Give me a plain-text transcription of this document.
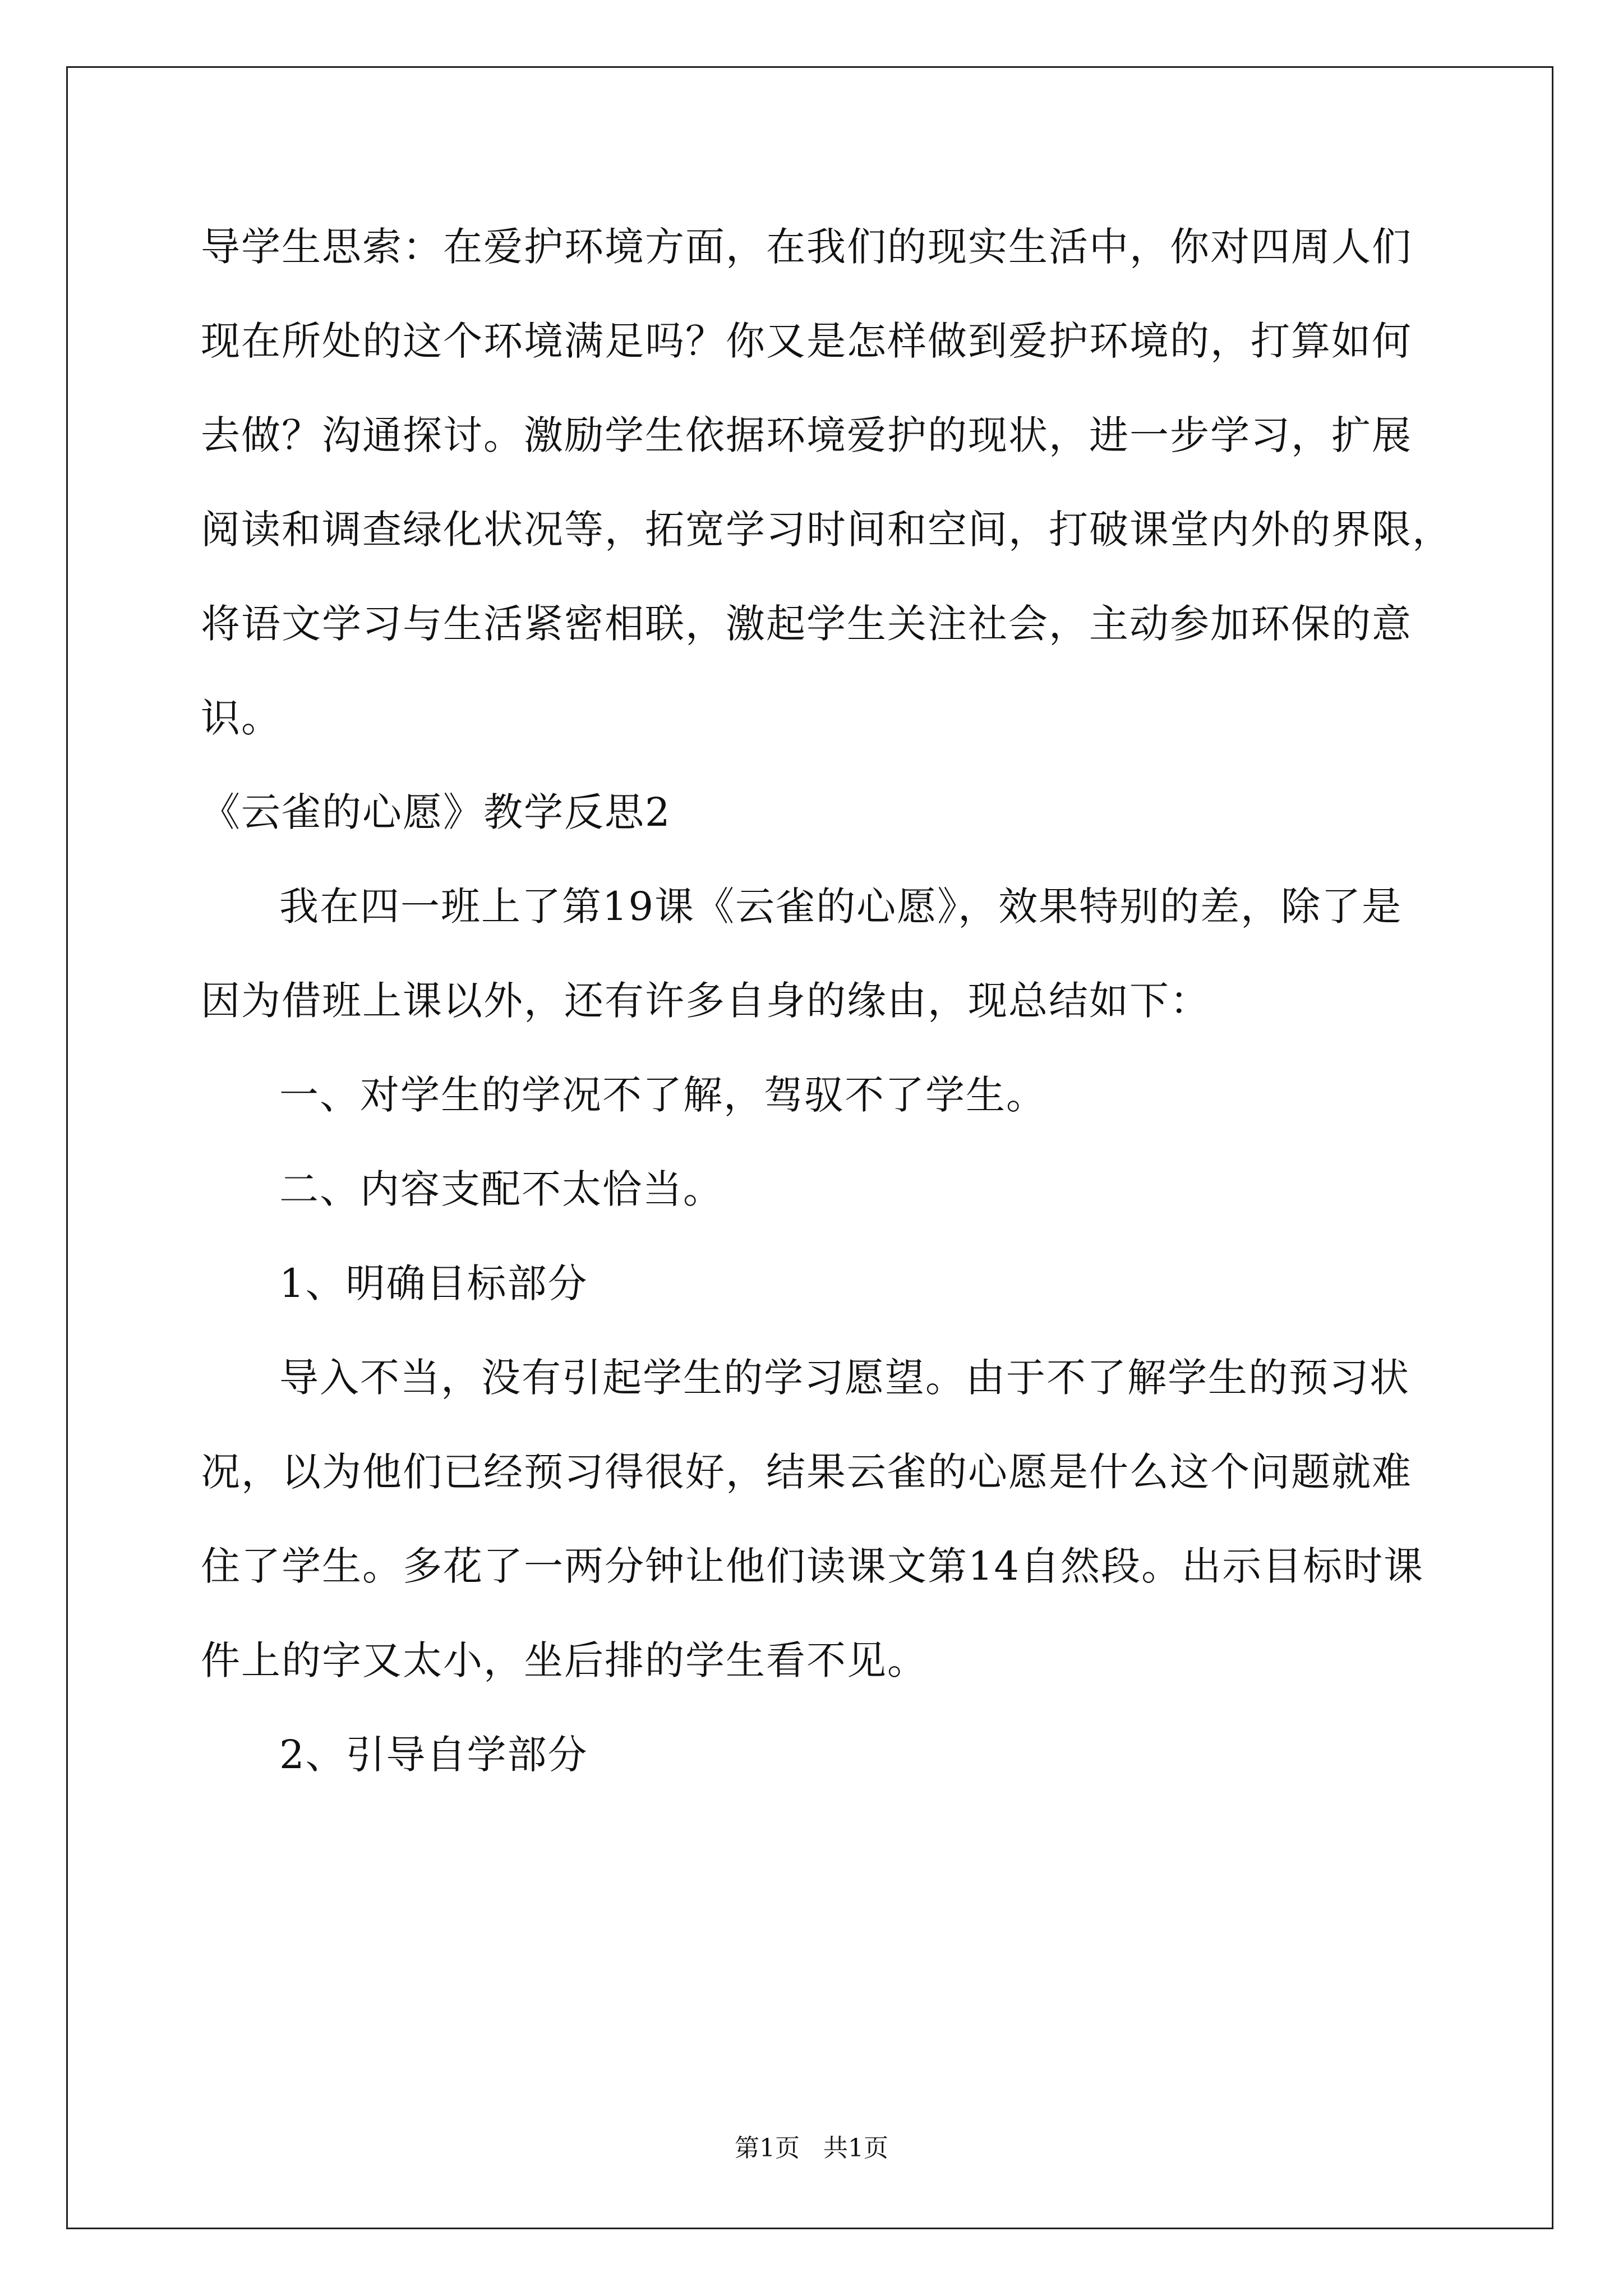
导学生思索：在爱护环境方面，在我们的现实生活中，你对四周人们
现在所处的这个环境满足吗？你又是怎样做到爱护环境的，打算如何
去做？沟通探讨。激励学生依据环境爱护的现状，进一步学习，扩展
阅读和调查绿化状况等，拓宽学习时间和空间，打破课堂内外的界限，
将语文学习与生活紧密相联，激起学生关注社会，主动参加环保的意
识。
《云雀的心愿》教学反思2
我在四一班上了第19课《云雀的心愿》，效果特别的差，除了是
因为借班上课以外，还有许多自身的缘由，现总结如下：
一、对学生的学况不了解，驾驭不了学生。
二、内容支配不太恰当。
1、明确目标部分
导入不当，没有引起学生的学习愿望。由于不了解学生的预习状
况，以为他们已经预习得很好，结果云雀的心愿是什么这个问题就难
住了学生。多花了一两分钟让他们读课文第14自然段。出示目标时课
件上的字又太小，坐后排的学生看不见。
2、引导自学部分
第1页   共1页
